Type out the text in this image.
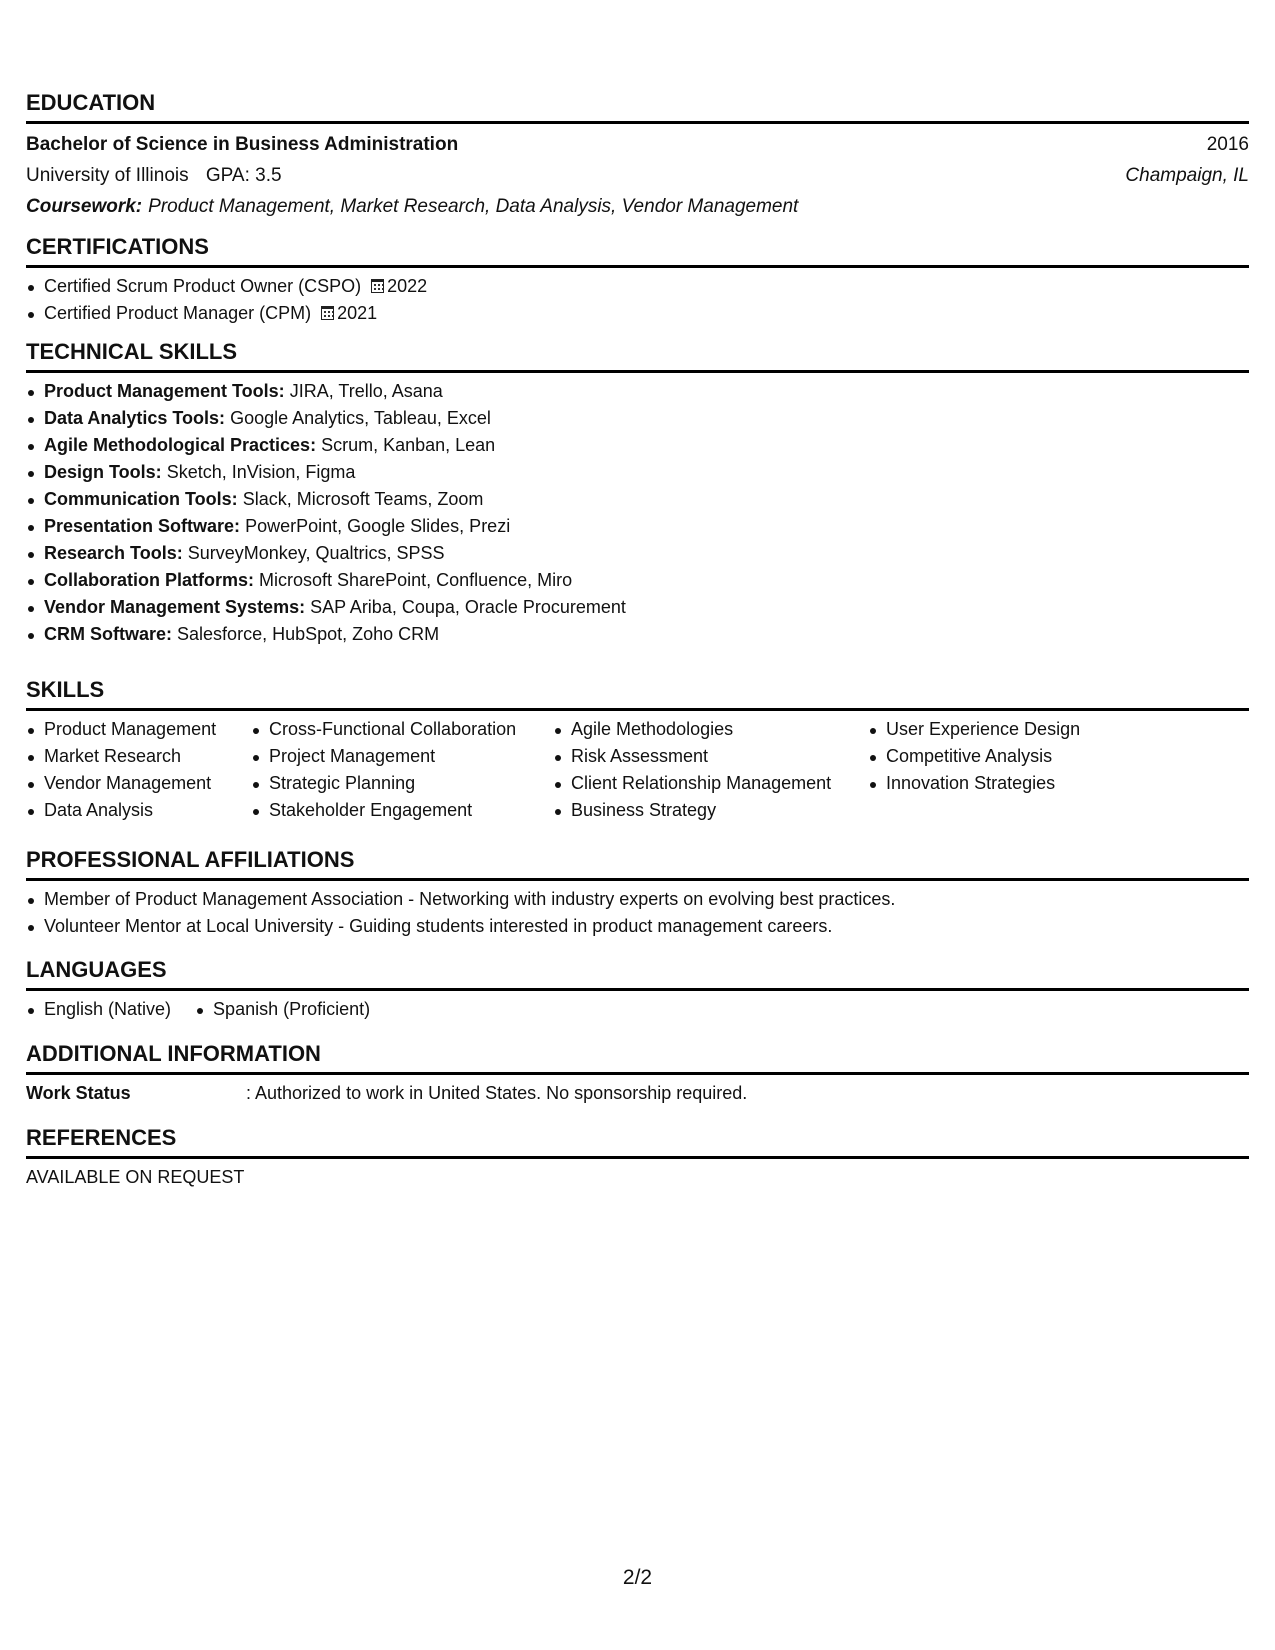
EDUCATION
Bachelor of Science in Business Administration	2016
University of Illinois GPA: 3.5	Champaign, IL
Coursework: Product Management, Market Research, Data Analysis, Vendor Management
CERTIFICATIONS
Certified Scrum Product Owner (CSPO) 2022
Certified Product Manager (CPM) 2021
TECHNICAL SKILLS
Product Management Tools: JIRA, Trello, Asana
Data Analytics Tools: Google Analytics, Tableau, Excel
Agile Methodological Practices: Scrum, Kanban, Lean
Design Tools: Sketch, InVision, Figma
Communication Tools: Slack, Microsoft Teams, Zoom
Presentation Software: PowerPoint, Google Slides, Prezi
Research Tools: SurveyMonkey, Qualtrics, SPSS
Collaboration Platforms: Microsoft SharePoint, Confluence, Miro
Vendor Management Systems: SAP Ariba, Coupa, Oracle Procurement
CRM Software: Salesforce, HubSpot, Zoho CRM
SKILLS
Product Management
Market Research
Vendor Management
Data Analysis
Cross-Functional Collaboration
Project Management
Strategic Planning
Stakeholder Engagement
Agile Methodologies
Risk Assessment
Client Relationship Management
Business Strategy
User Experience Design
Competitive Analysis
Innovation Strategies
PROFESSIONAL AFFILIATIONS
Member of Product Management Association - Networking with industry experts on evolving best practices.
Volunteer Mentor at Local University - Guiding students interested in product management careers.
LANGUAGES
English (Native)	Spanish (Proficient)
ADDITIONAL INFORMATION
Work Status	: Authorized to work in United States. No sponsorship required.
REFERENCES
AVAILABLE ON REQUEST
2/2
